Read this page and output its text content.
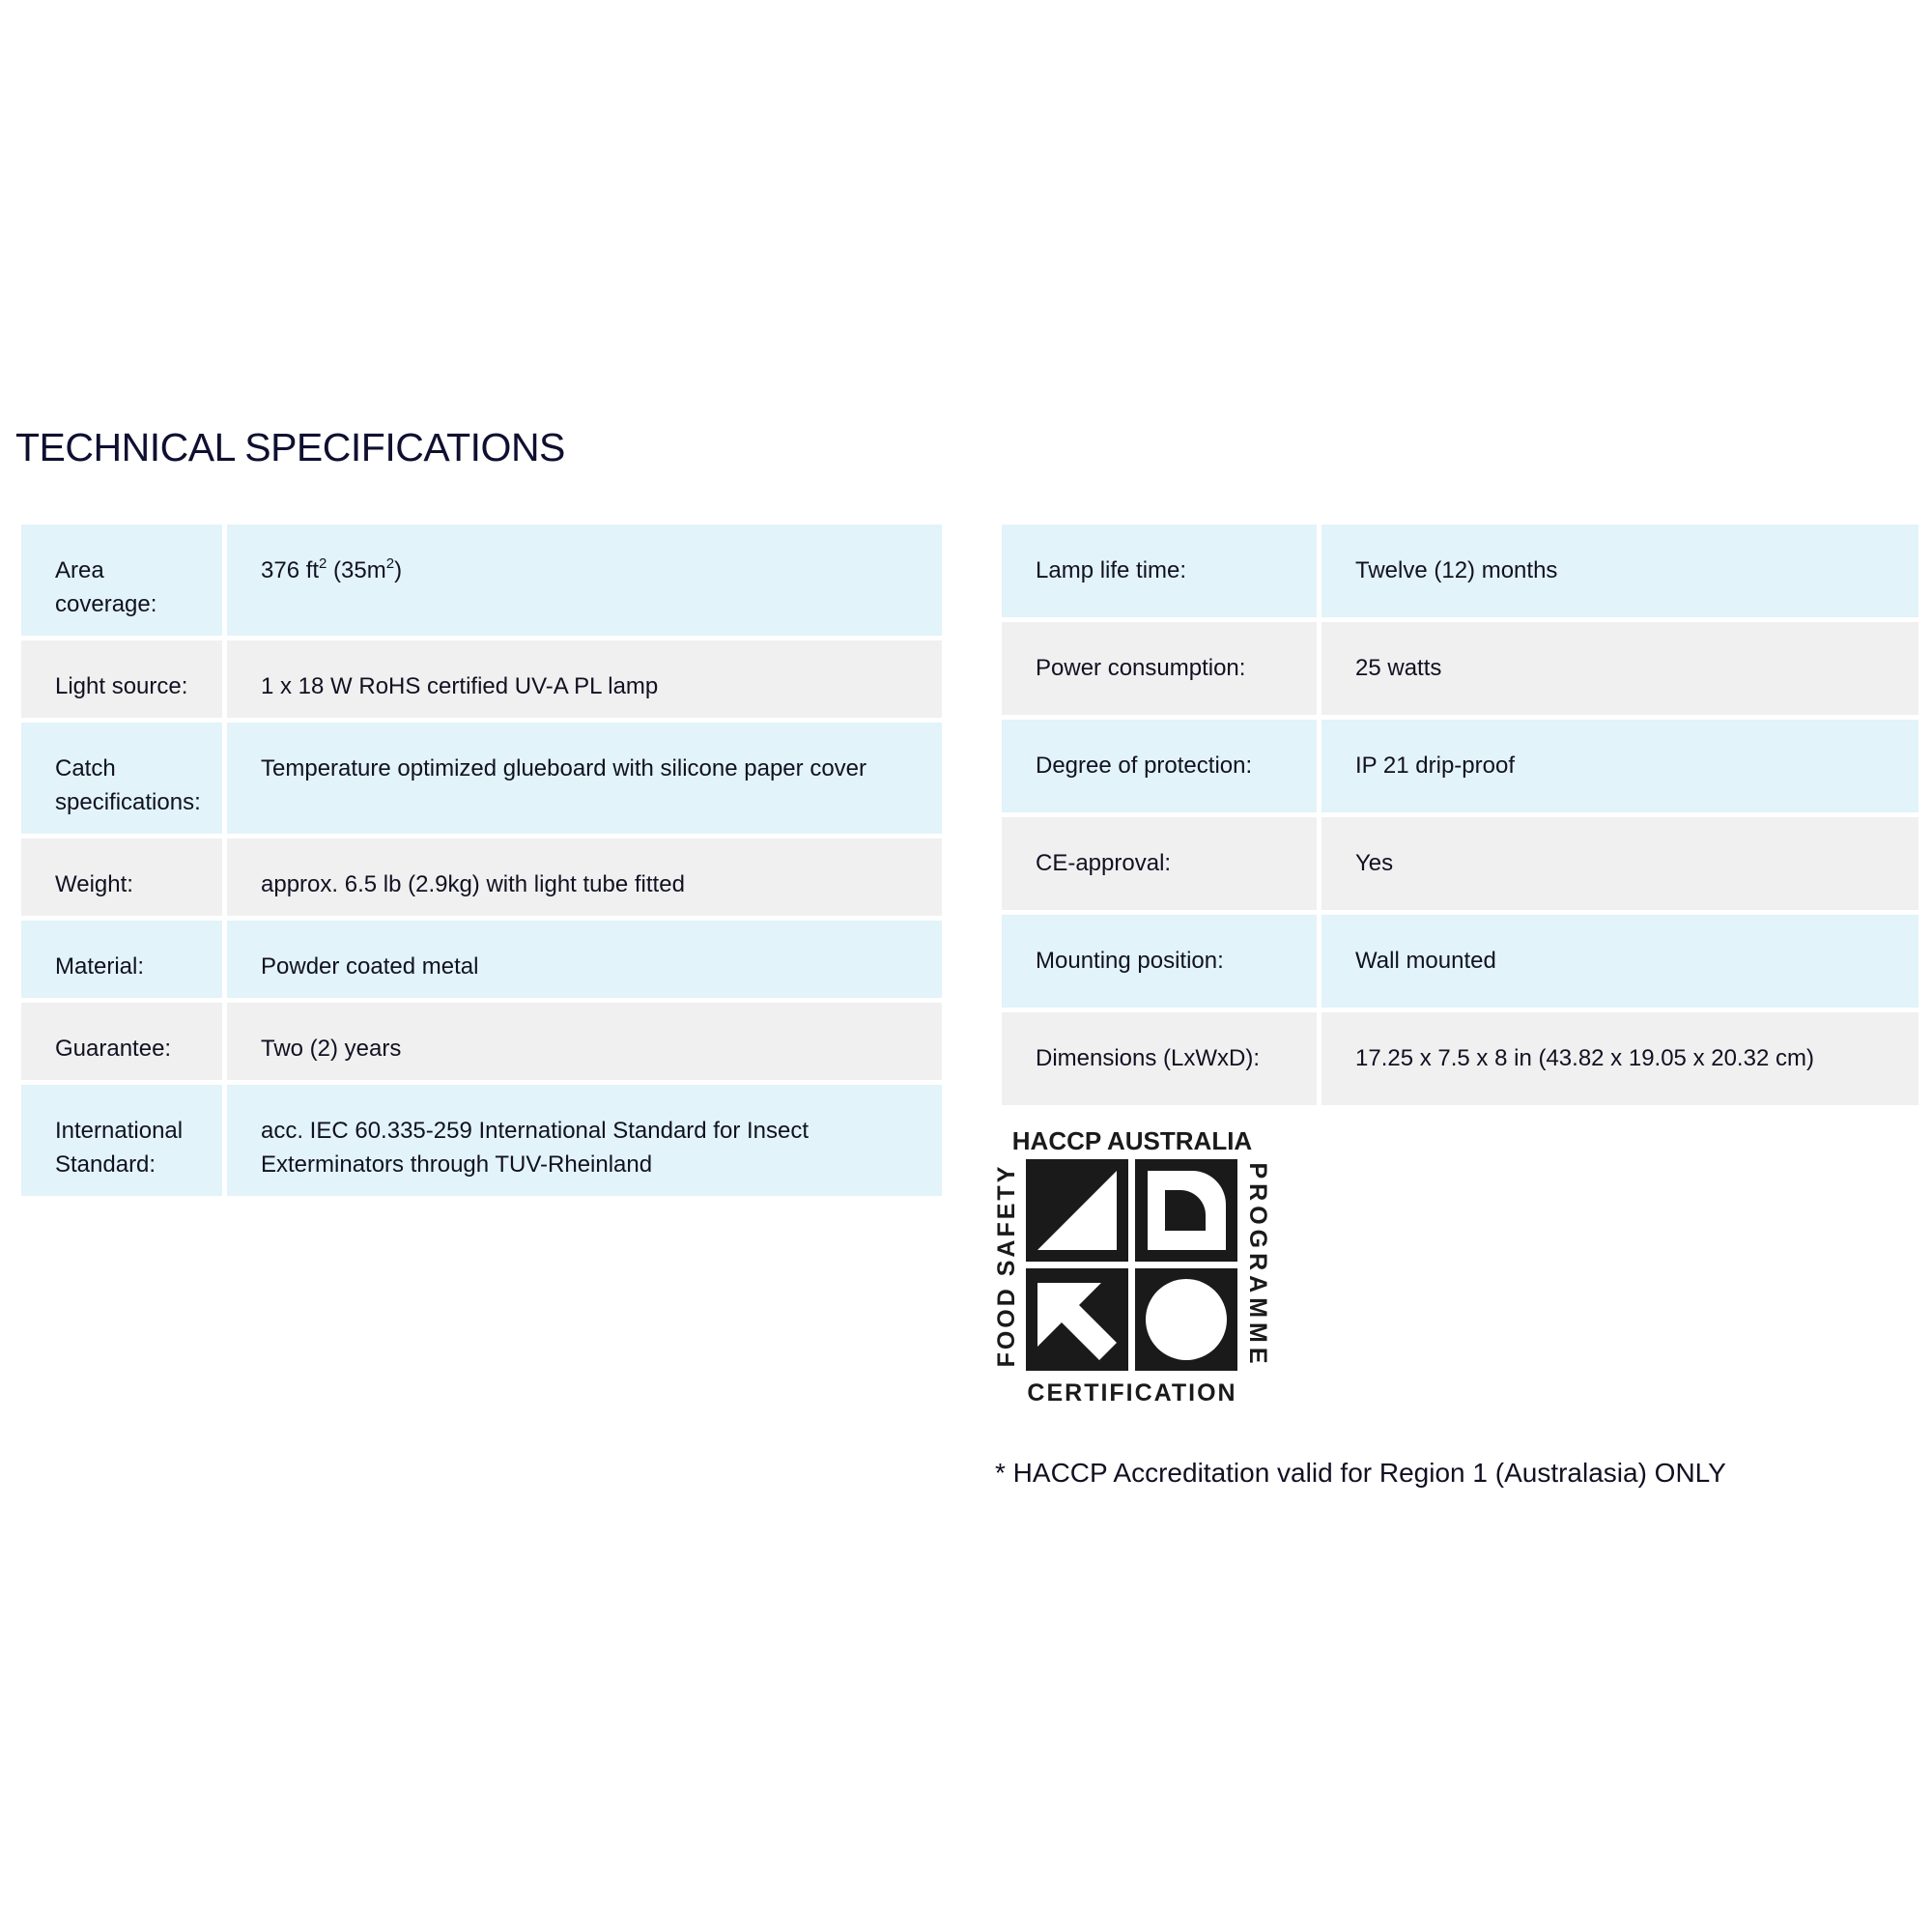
TECHNICAL SPECIFICATIONS
Area coverage:	376 $ft^2$ $(35m^2)$
Light source:	1 x 18 W RoHS certified UV-A PL lamp
Catch specifications:	Temperature optimized glueboard with silicone paper cover
Weight:	approx. 6.5 lb (2.9kg) with light tube fitted
Material:	Powder coated metal
Guarantee:	Two (2) years
International Standard:	acc. IEC 60.335-259 International Standard for Insect Exterminators through TUV-Rheinland
Lamp life time:	Twelve (12) months
Power consumption:	25 watts
Degree of protection:	IP 21 drip-proof
CE-approval:	Yes
Mounting position:	Wall mounted
Dimensions (LxWxD):	17.25 x 7.5 x 8 in (43.82 x 19.05 x 20.32 cm)
HACCP AUSTRALIA
CERTIFICATION
FOOD SAFETY	PROGRAMME

* HACCP Accreditation valid for Region 1 (Australasia) ONLY
